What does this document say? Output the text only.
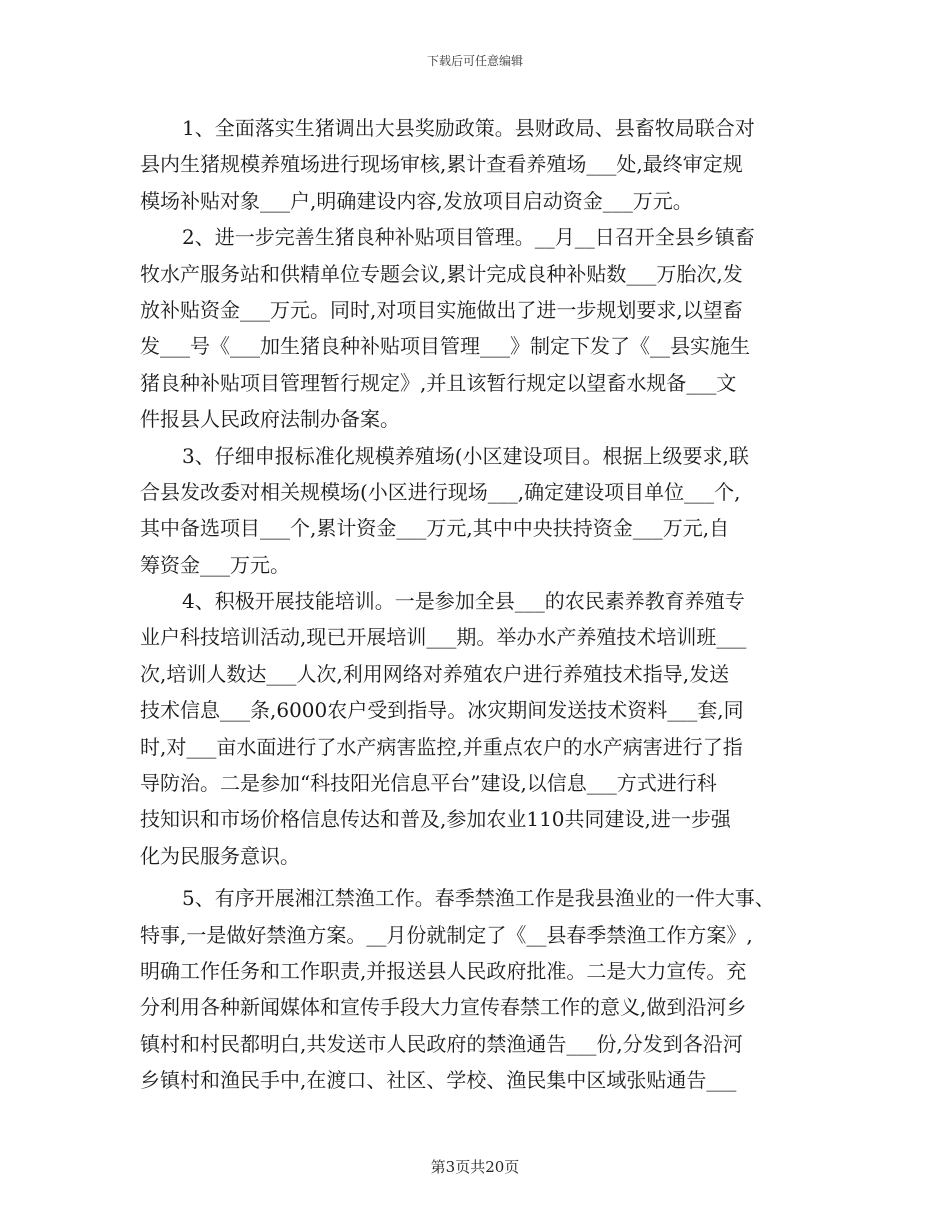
下载后可任意编辑
1、全面落实生猪调出大县奖励政策。县财政局、县畜牧局联合对
县内生猪规模养殖场进行现场审核,累计查看养殖场___处,最终审定规
模场补贴对象___户,明确建设内容,发放项目启动资金___万元。
2、进一步完善生猪良种补贴项目管理。__月__日召开全县乡镇畜
牧水产服务站和供精单位专题会议,累计完成良种补贴数___万胎次,发
放补贴资金___万元。同时,对项目实施做出了进一步规划要求,以望畜
发___号《___加生猪良种补贴项目管理___》制定下发了《__县实施生
猪良种补贴项目管理暂行规定》,并且该暂行规定以望畜水规备___文
件报县人民政府法制办备案。
3、仔细申报标准化规模养殖场(小区建设项目。根据上级要求,联
合县发改委对相关规模场(小区进行现场___,确定建设项目单位___个,
其中备选项目___个,累计资金___万元,其中中央扶持资金___万元,自
筹资金___万元。
4、积极开展技能培训。一是参加全县___的农民素养教育养殖专
业户科技培训活动,现已开展培训___期。举办水产养殖技术培训班___
次,培训人数达___人次,利用网络对养殖农户进行养殖技术指导,发送
技术信息___条,6000农户受到指导。冰灾期间发送技术资料___套,同
时,对___亩水面进行了水产病害监控,并重点农户的水产病害进行了指
导防治。二是参加“科技阳光信息平台”建设,以信息___方式进行科
技知识和市场价格信息传达和普及,参加农业110共同建设,进一步强
化为民服务意识。
5、有序开展湘江禁渔工作。春季禁渔工作是我县渔业的一件大事、
特事,一是做好禁渔方案。__月份就制定了《__县春季禁渔工作方案》,
明确工作任务和工作职责,并报送县人民政府批准。二是大力宣传。充
分利用各种新闻媒体和宣传手段大力宣传春禁工作的意义,做到沿河乡
镇村和村民都明白,共发送市人民政府的禁渔通告___份,分发到各沿河
乡镇村和渔民手中,在渡口、社区、学校、渔民集中区域张贴通告___
第3页共20页
